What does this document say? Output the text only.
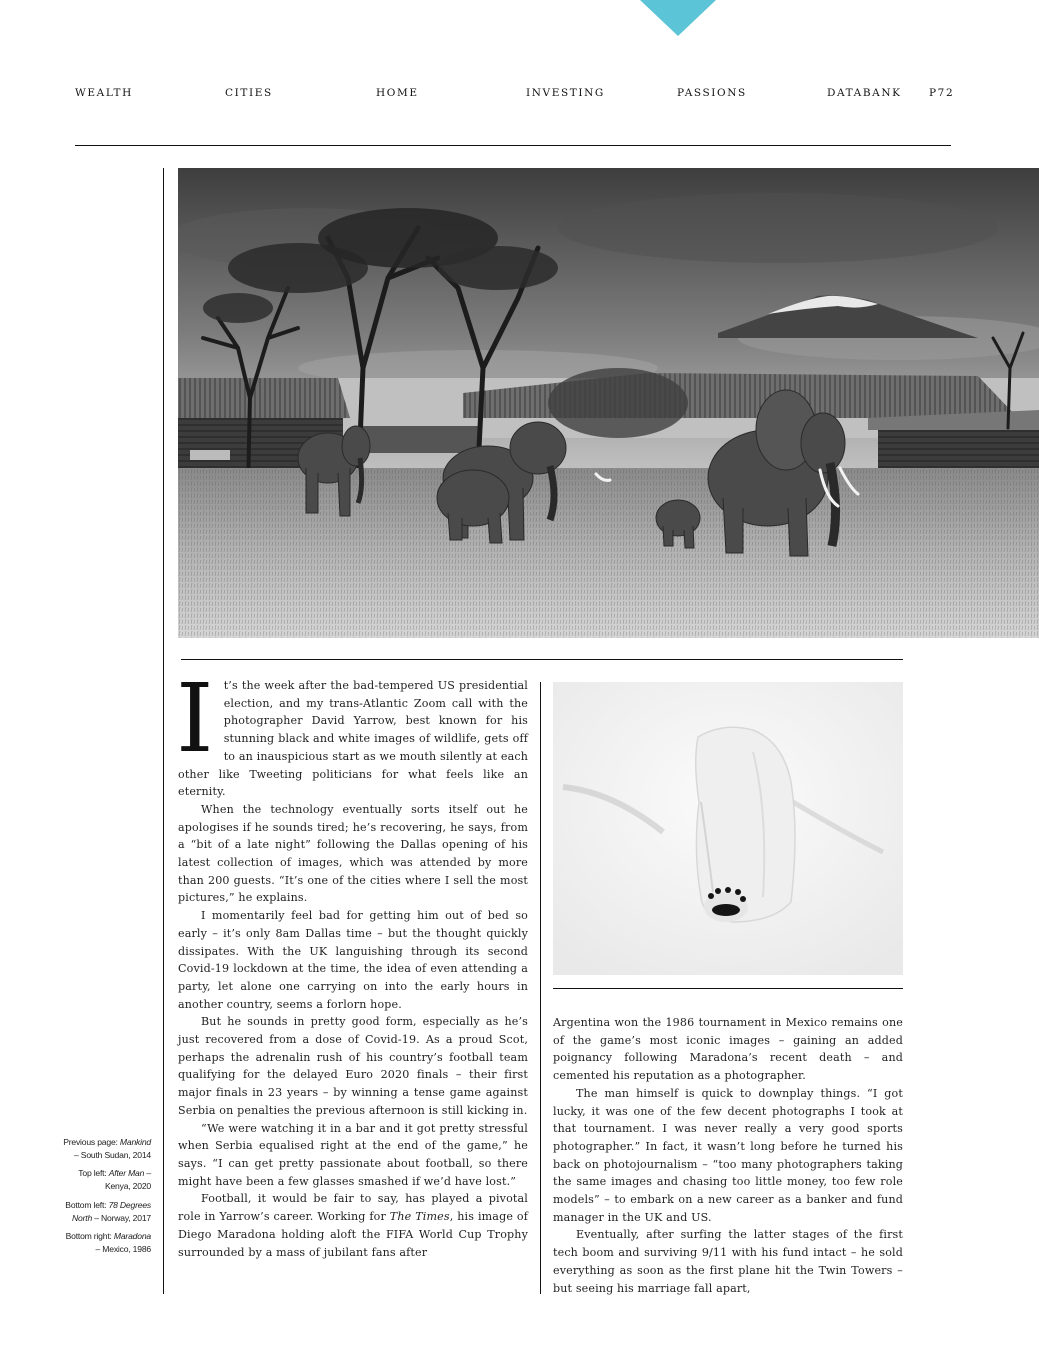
WEALTH	CITIES	HOME	INVESTING	PASSIONS	DATABANK	P72
I t’s the week after the bad-tempered US presidential election, and my trans-Atlantic Zoom call with the photographer David Yarrow, best known for his stunning black and white images of wildlife, gets off to an inauspicious start as we mouth silently at each other like Tweeting politicians for what feels like an eternity.

When the technology eventually sorts itself out he apologises if he sounds tired; he’s recovering, he says, from a “bit of a late night” following the Dallas opening of his latest collection of images, which was attended by more than 200 guests. “It’s one of the cities where I sell the most pictures,” he explains.

I momentarily feel bad for getting him out of bed so early – it’s only 8am Dallas time – but the thought quickly dissipates. With the UK languishing through its second Covid-19 lockdown at the time, the idea of even attending a party, let alone one carrying on into the early hours in another country, seems a forlorn hope.

But he sounds in pretty good form, especially as he’s just recovered from a dose of Covid-19. As a proud Scot, perhaps the adrenalin rush of his country’s football team qualifying for the delayed Euro 2020 finals – their first major finals in 23 years – by winning a tense game against Serbia on penalties the previous afternoon is still kicking in.

“We were watching it in a bar and it got pretty stressful when Serbia equalised right at the end of the game,” he says. “I can get pretty passionate about football, so there might have been a few glasses smashed if we’d have lost.”

Football, it would be fair to say, has played a pivotal role in Yarrow’s career. Working for The Times, his image of Diego Maradona holding aloft the FIFA World Cup Trophy surrounded by a mass of jubilant fans after

Argentina won the 1986 tournament in Mexico remains one of the game’s most iconic images – gaining an added poignancy following Maradona’s recent death – and cemented his reputation as a photographer.

The man himself is quick to downplay things. “I got lucky, it was one of the few decent photographs I took at that tournament. I was never really a very good sports photographer.” In fact, it wasn’t long before he turned his back on photojournalism – “too many photographers taking the same images and chasing too little money, too few role models” – to embark on a new career as a banker and fund manager in the UK and US.

Eventually, after surfing the latter stages of the first tech boom and surviving 9/11 with his fund intact – he sold everything as soon as the first plane hit the Twin Towers – but seeing his marriage fall apart,

Previous page: Mankind – South Sudan, 2014
Top left: After Man – Kenya, 2020
Bottom left: 78 Degrees North – Norway, 2017
Bottom right: Maradona – Mexico, 1986
